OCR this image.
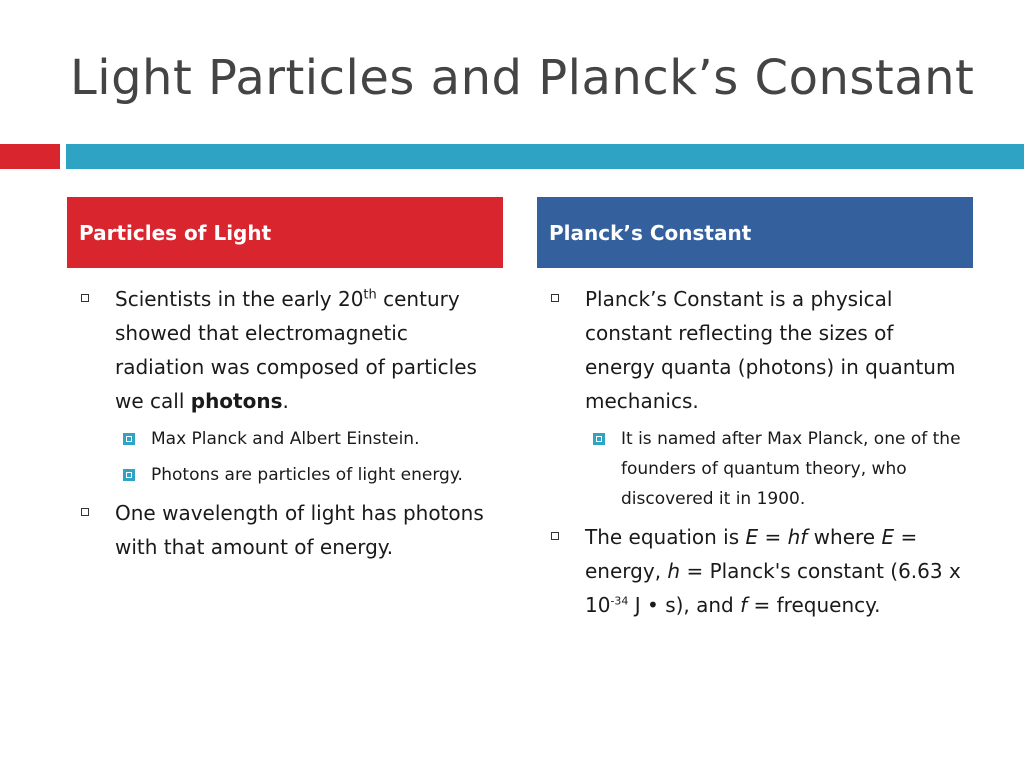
Light Particles and Planck’s Constant
Particles of Light
Scientists in the early 20th century showed that electromagnetic radiation was composed of particles we call photons.
Max Planck and Albert Einstein.
Photons are particles of light energy.
One wavelength of light has photons with that amount of energy.
Planck’s Constant
Planck’s Constant is a physical constant reflecting the sizes of energy quanta (photons) in quantum mechanics.
It is named after Max Planck, one of the founders of quantum theory, who discovered it in 1900.
The equation is E = hf where E = energy, h = Planck's constant (6.63 x $10^{-34}$ J • s), and f = frequency.
